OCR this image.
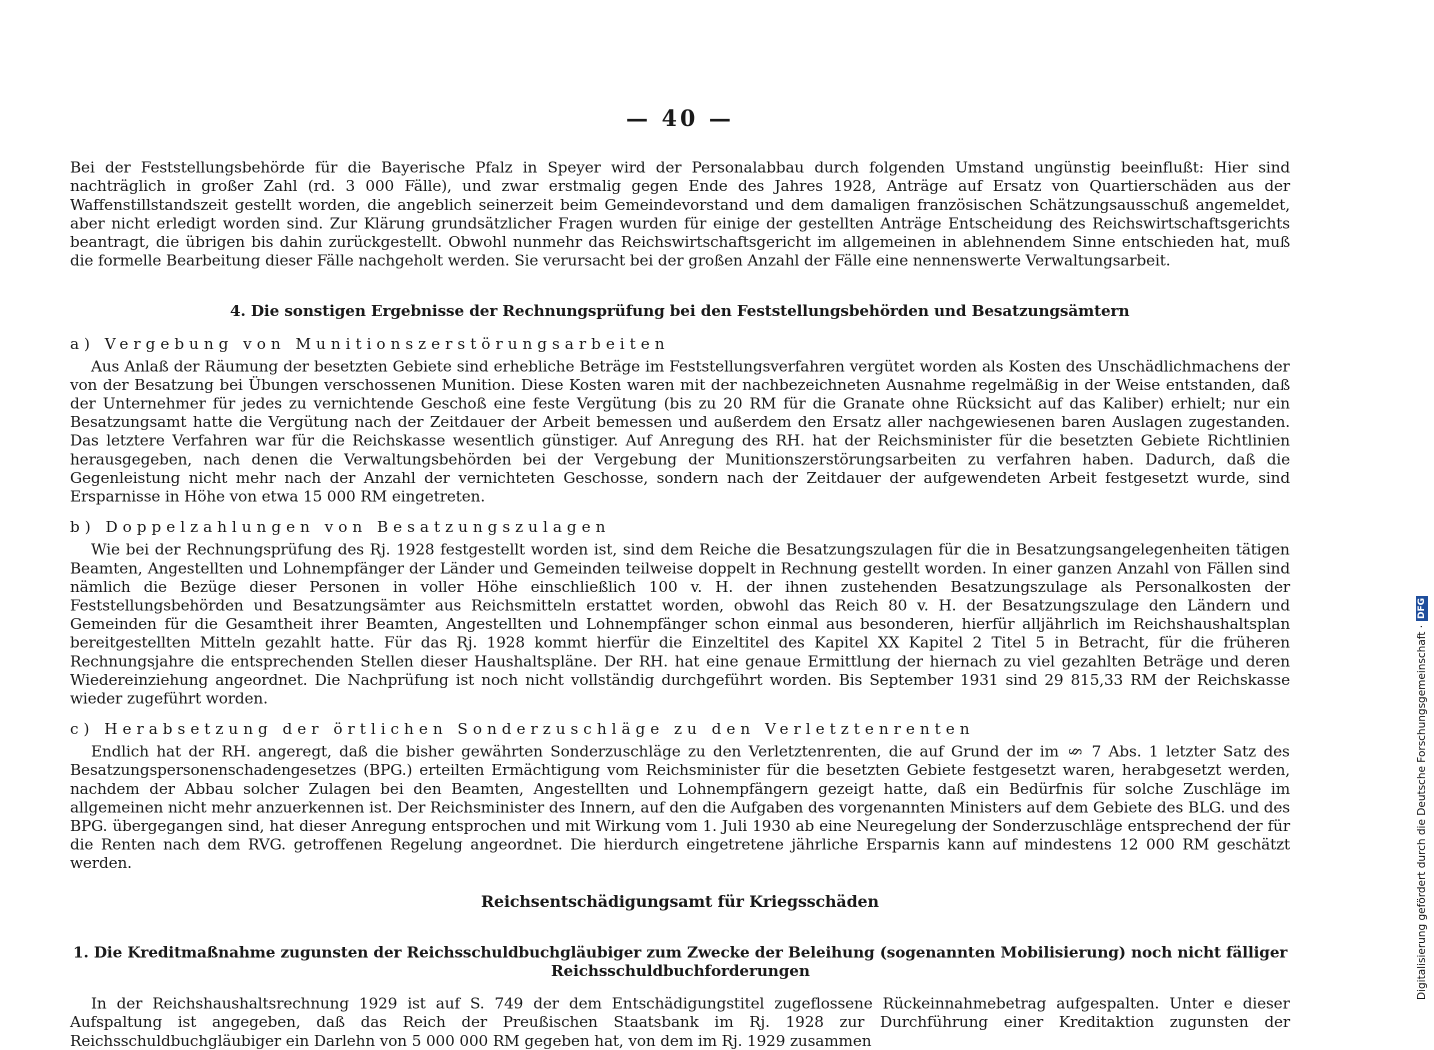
— 40 —

Bei der Feststellungsbehörde für die Bayerische Pfalz in Speyer wird der Personalabbau durch folgenden Umstand ungünstig beeinflußt: Hier sind nachträglich in großer Zahl (rd. 3 000 Fälle), und zwar erstmalig gegen Ende des Jahres 1928, Anträge auf Ersatz von Quartierschäden aus der Waffenstillstandszeit gestellt worden, die angeblich seinerzeit beim Gemeindevorstand und dem damaligen französischen Schätzungsausschuß angemeldet, aber nicht erledigt worden sind. Zur Klärung grundsätzlicher Fragen wurden für einige der gestellten Anträge Entscheidung des Reichswirtschaftsgerichts beantragt, die übrigen bis dahin zurückgestellt. Obwohl nunmehr das Reichswirtschaftsgericht im allgemeinen in ablehnendem Sinne entschieden hat, muß die formelle Bearbeitung dieser Fälle nachgeholt werden. Sie verursacht bei der großen Anzahl der Fälle eine nennenswerte Verwaltungsarbeit.

4. Die sonstigen Ergebnisse der Rechnungsprüfung bei den Feststellungsbehörden und Besatzungsämtern

a) Vergebung von Munitionszerstörungsarbeiten

Aus Anlaß der Räumung der besetzten Gebiete sind erhebliche Beträge im Feststellungsverfahren vergütet worden als Kosten des Unschädlichmachens der von der Besatzung bei Übungen verschossenen Munition. Diese Kosten waren mit der nachbezeichneten Ausnahme regelmäßig in der Weise entstanden, daß der Unternehmer für jedes zu vernichtende Geschoß eine feste Vergütung (bis zu 20 RM für die Granate ohne Rücksicht auf das Kaliber) erhielt; nur ein Besatzungsamt hatte die Vergütung nach der Zeitdauer der Arbeit bemessen und außerdem den Ersatz aller nachgewiesenen baren Auslagen zugestanden. Das letztere Verfahren war für die Reichskasse wesentlich günstiger. Auf Anregung des RH. hat der Reichsminister für die besetzten Gebiete Richtlinien herausgegeben, nach denen die Verwaltungsbehörden bei der Vergebung der Munitionszerstörungsarbeiten zu verfahren haben. Dadurch, daß die Gegenleistung nicht mehr nach der Anzahl der vernichteten Geschosse, sondern nach der Zeitdauer der aufgewendeten Arbeit festgesetzt wurde, sind Ersparnisse in Höhe von etwa 15 000 RM eingetreten.

b) Doppelzahlungen von Besatzungszulagen

Wie bei der Rechnungsprüfung des Rj. 1928 festgestellt worden ist, sind dem Reiche die Besatzungszulagen für die in Besatzungsangelegenheiten tätigen Beamten, Angestellten und Lohnempfänger der Länder und Gemeinden teilweise doppelt in Rechnung gestellt worden. In einer ganzen Anzahl von Fällen sind nämlich die Bezüge dieser Personen in voller Höhe einschließlich 100 v. H. der ihnen zustehenden Besatzungszulage als Personalkosten der Feststellungsbehörden und Besatzungsämter aus Reichsmitteln erstattet worden, obwohl das Reich 80 v. H. der Besatzungszulage den Ländern und Gemeinden für die Gesamtheit ihrer Beamten, Angestellten und Lohnempfänger schon einmal aus besonderen, hierfür alljährlich im Reichshaushaltsplan bereitgestellten Mitteln gezahlt hatte. Für das Rj. 1928 kommt hierfür die Einzeltitel des Kapitel XX Kapitel 2 Titel 5 in Betracht, für die früheren Rechnungsjahre die entsprechenden Stellen dieser Haushaltspläne. Der RH. hat eine genaue Ermittlung der hiernach zu viel gezahlten Beträge und deren Wiedereinziehung angeordnet. Die Nachprüfung ist noch nicht vollständig durchgeführt worden. Bis September 1931 sind 29 815,33 RM der Reichskasse wieder zugeführt worden.

c) Herabsetzung der örtlichen Sonderzuschläge zu den Verletztenrenten

Endlich hat der RH. angeregt, daß die bisher gewährten Sonderzuschläge zu den Verletztenrenten, die auf Grund der im § 7 Abs. 1 letzter Satz des Besatzungspersonenschadengesetzes (BPG.) erteilten Ermächtigung vom Reichsminister für die besetzten Gebiete festgesetzt waren, herabgesetzt werden, nachdem der Abbau solcher Zulagen bei den Beamten, Angestellten und Lohnempfängern gezeigt hatte, daß ein Bedürfnis für solche Zuschläge im allgemeinen nicht mehr anzuerkennen ist. Der Reichsminister des Innern, auf den die Aufgaben des vorgenannten Ministers auf dem Gebiete des BLG. und des BPG. übergegangen sind, hat dieser Anregung entsprochen und mit Wirkung vom 1. Juli 1930 ab eine Neuregelung der Sonderzuschläge entsprechend der für die Renten nach dem RVG. getroffenen Regelung angeordnet. Die hierdurch eingetretene jährliche Ersparnis kann auf mindestens 12 000 RM geschätzt werden.

Reichsentschädigungsamt für Kriegsschäden

1. Die Kreditmaßnahme zugunsten der Reichsschuldbuchgläubiger zum Zwecke der Beleihung (sogenannten Mobilisierung) noch nicht fälliger Reichsschuldbuchforderungen

In der Reichshaushaltsrechnung 1929 ist auf S. 749 der dem Entschädigungstitel zugeflossene Rückeinnahmebetrag aufgespalten. Unter e dieser Aufspaltung ist angegeben, daß das Reich der Preußischen Staatsbank im Rj. 1928 zur Durchführung einer Kreditaktion zugunsten der Reichsschuldbuchgläubiger ein Darlehn von 5 000 000 RM gegeben hat, von dem im Rj. 1929 zusammen

Digitalisierung gefördert durch die Deutsche Forschungsgemeinschaft ·
DFG
